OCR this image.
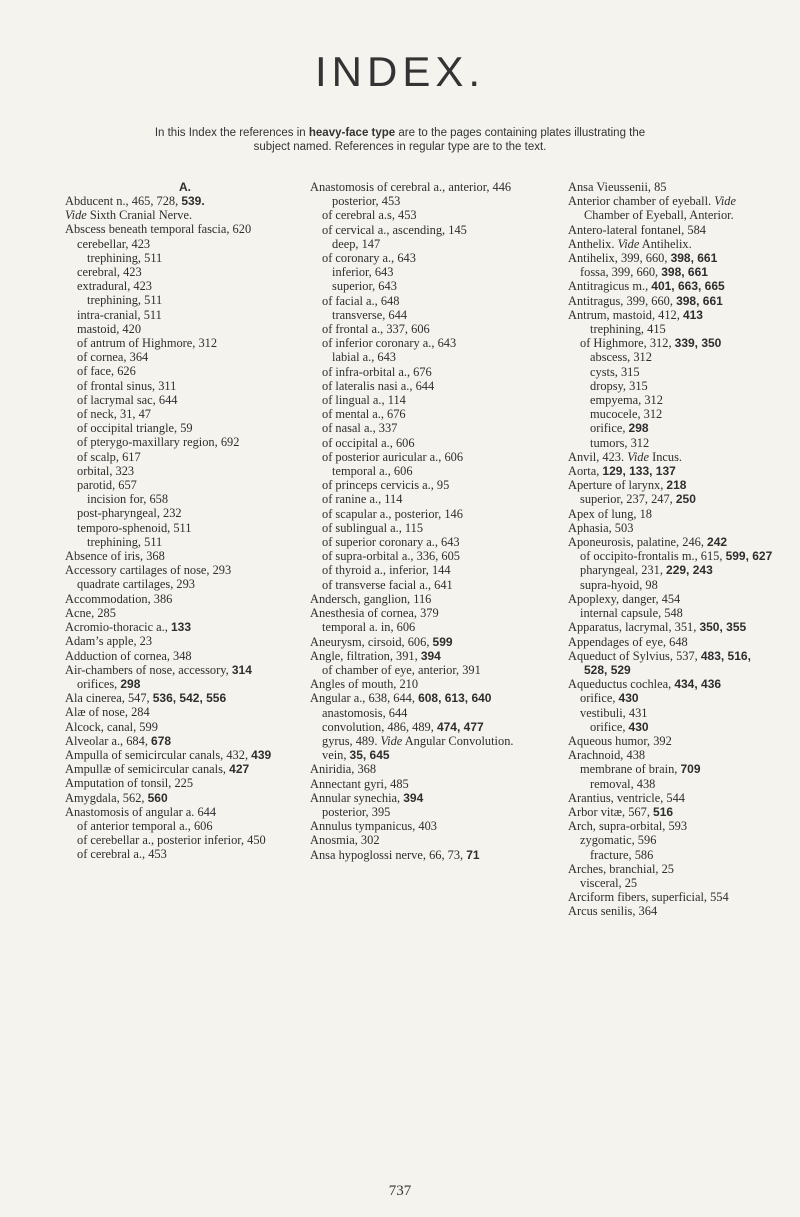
INDEX.
In this Index the references in heavy-face type are to the pages containing plates illustrating the
subject named. References in regular type are to the text.
A.
Abducent n., 465, 728, 539.
Vide Sixth Cranial Nerve.
Abscess beneath temporal fascia, 620
cerebellar, 423
trephining, 511
cerebral, 423
extradural, 423
trephining, 511
intra-cranial, 511
mastoid, 420
of antrum of Highmore, 312
of cornea, 364
of face, 626
of frontal sinus, 311
of lacrymal sac, 644
of neck, 31, 47
of occipital triangle, 59
of pterygo-maxillary region, 692
of scalp, 617
orbital, 323
parotid, 657
incision for, 658
post-pharyngeal, 232
temporo-sphenoid, 511
trephining, 511
Absence of iris, 368
Accessory cartilages of nose, 293
quadrate cartilages, 293
Accommodation, 386
Acne, 285
Acromio-thoracic a., 133
Adam’s apple, 23
Adduction of cornea, 348
Air-chambers of nose, accessory, 314
orifices, 298
Ala cinerea, 547, 536, 542, 556
Alæ of nose, 284
Alcock, canal, 599
Alveolar a., 684, 678
Ampulla of semicircular canals, 432, 439
Ampullæ of semicircular canals, 427
Amputation of tonsil, 225
Amygdala, 562, 560
Anastomosis of angular a. 644
of anterior temporal a., 606
of cerebellar a., posterior inferior, 450
of cerebral a., 453
Anastomosis of cerebral a., anterior, 446
posterior, 453
of cerebral a.s, 453
of cervical a., ascending, 145
deep, 147
of coronary a., 643
inferior, 643
superior, 643
of facial a., 648
transverse, 644
of frontal a., 337, 606
of inferior coronary a., 643
labial a., 643
of infra-orbital a., 676
of lateralis nasi a., 644
of lingual a., 114
of mental a., 676
of nasal a., 337
of occipital a., 606
of posterior auricular a., 606
temporal a., 606
of princeps cervicis a., 95
of ranine a., 114
of scapular a., posterior, 146
of sublingual a., 115
of superior coronary a., 643
of supra-orbital a., 336, 605
of thyroid a., inferior, 144
of transverse facial a., 641
Andersch, ganglion, 116
Anesthesia of cornea, 379
temporal a. in, 606
Aneurysm, cirsoid, 606, 599
Angle, filtration, 391, 394
of chamber of eye, anterior, 391
Angles of mouth, 210
Angular a., 638, 644, 608, 613, 640
anastomosis, 644
convolution, 486, 489, 474, 477
gyrus, 489. Vide Angular Convolution.
vein, 35, 645
Aniridia, 368
Annectant gyri, 485
Annular synechia, 394
posterior, 395
Annulus tympanicus, 403
Anosmia, 302
Ansa hypoglossi nerve, 66, 73, 71
Ansa Vieussenii, 85
Anterior chamber of eyeball. Vide Chamber of Eyeball, Anterior.
Antero-lateral fontanel, 584
Anthelix. Vide Antihelix.
Antihelix, 399, 660, 398, 661
fossa, 399, 660, 398, 661
Antitragicus m., 401, 663, 665
Antitragus, 399, 660, 398, 661
Antrum, mastoid, 412, 413
trephining, 415
of Highmore, 312, 339, 350
abscess, 312
cysts, 315
dropsy, 315
empyema, 312
mucocele, 312
orifice, 298
tumors, 312
Anvil, 423. Vide Incus.
Aorta, 129, 133, 137
Aperture of larynx, 218
superior, 237, 247, 250
Apex of lung, 18
Aphasia, 503
Aponeurosis, palatine, 246, 242
of occipito-frontalis m., 615, 599, 627
pharyngeal, 231, 229, 243
supra-hyoid, 98
Apoplexy, danger, 454
internal capsule, 548
Apparatus, lacrymal, 351, 350, 355
Appendages of eye, 648
Aqueduct of Sylvius, 537, 483, 516, 528, 529
Aqueductus cochlea, 434, 436
orifice, 430
vestibuli, 431
orifice, 430
Aqueous humor, 392
Arachnoid, 438
membrane of brain, 709
removal, 438
Arantius, ventricle, 544
Arbor vitæ, 567, 516
Arch, supra-orbital, 593
zygomatic, 596
fracture, 586
Arches, branchial, 25
visceral, 25
Arciform fibers, superficial, 554
Arcus senilis, 364
737
